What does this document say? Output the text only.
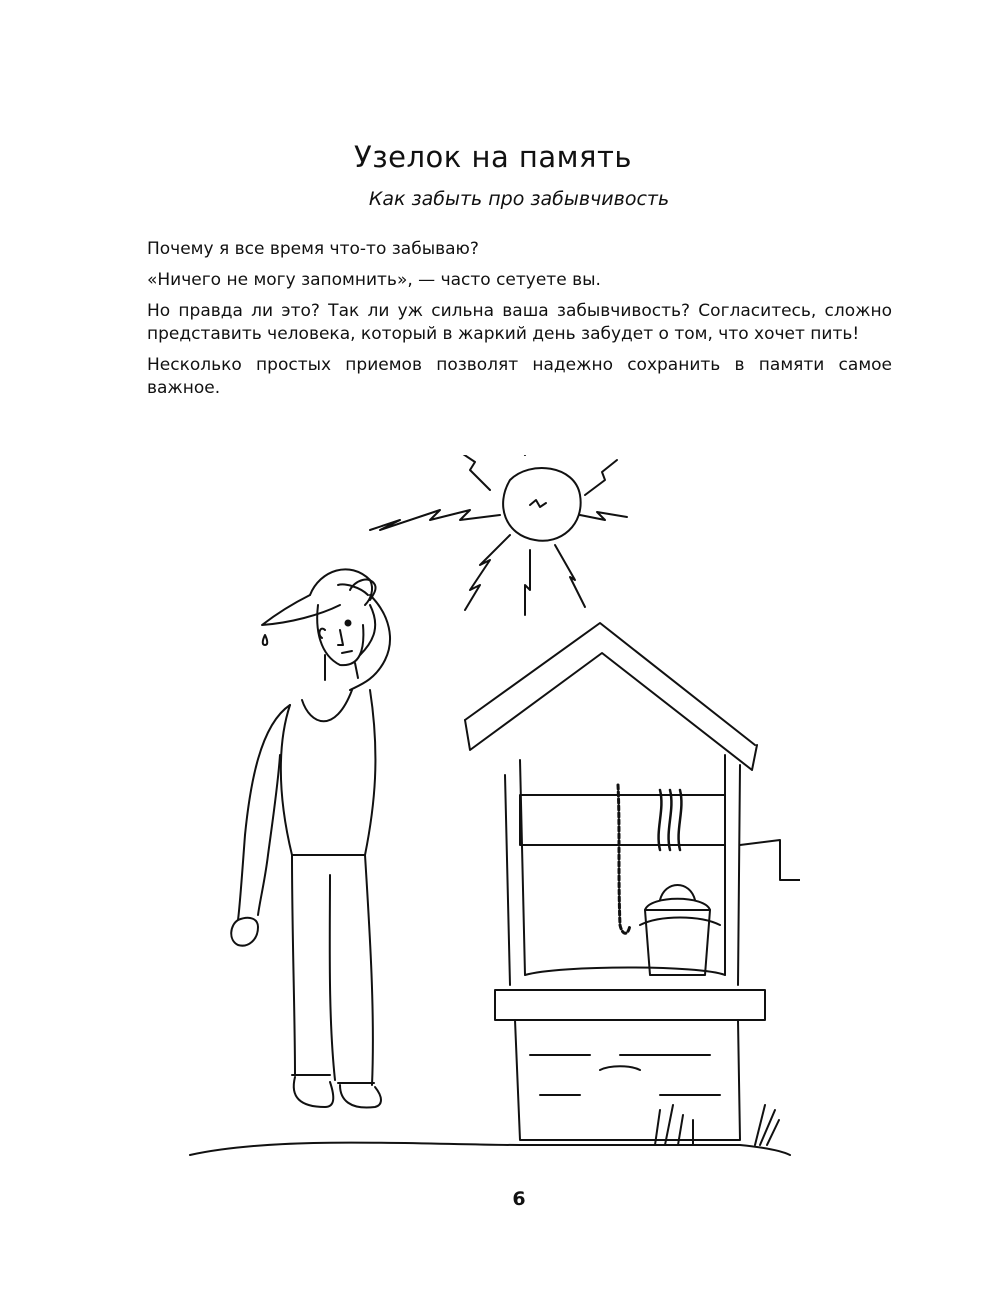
Узелок на память
Как забыть про забывчивость

Почему я все время что-то забываю?

«Ничего не могу запомнить», — часто сетуете вы.

Но правда ли это? Так ли уж сильна ваша забывчивость? Согласитесь, сложно представить человека, который в жаркий день забудет о том, что хочет пить!

Несколько простых приемов позволят надежно сохранить в памяти самое важное.

6
